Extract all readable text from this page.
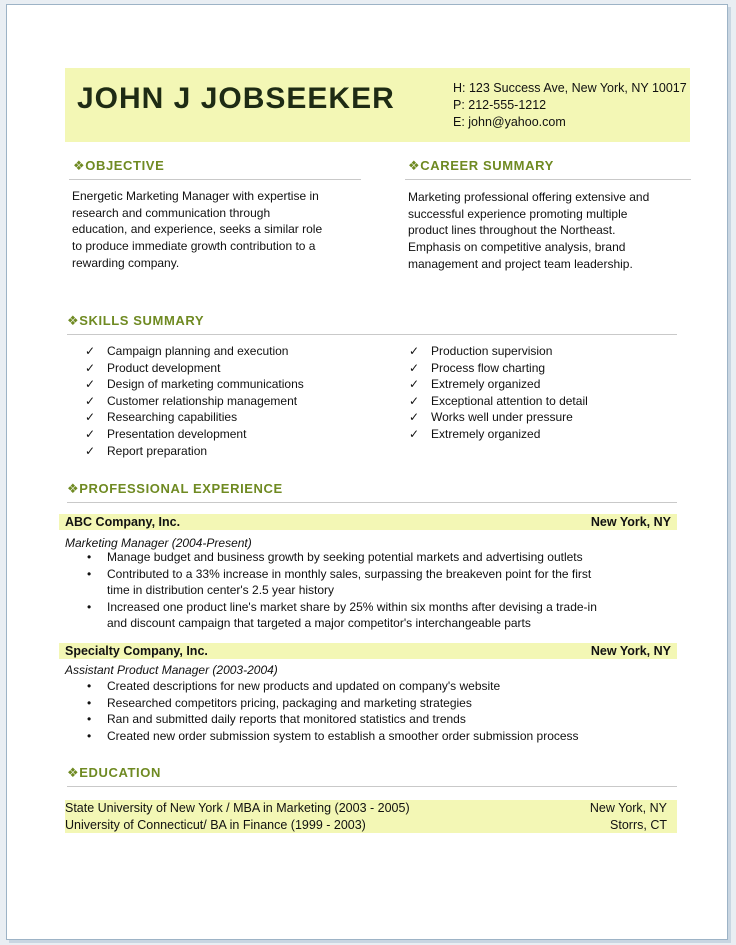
JOHN J JOBSEEKER	H: 123 Success Ave, New York, NY 10017
P: 212-555-1212
E: john@yahoo.com
❖OBJECTIVE
Energetic Marketing Manager with expertise in
research and communication through
education, and experience, seeks a similar role
to produce immediate growth contribution to a
rewarding company.
❖CAREER SUMMARY
Marketing professional offering extensive and
successful experience promoting multiple
product lines throughout the Northeast.
Emphasis on competitive analysis, brand
management and project team leadership.
❖SKILLS SUMMARY
✓ Campaign planning and execution
✓ Product development
✓ Design of marketing communications
✓ Customer relationship management
✓ Researching capabilities
✓ Presentation development
✓ Report preparation
✓ Production supervision
✓ Process flow charting
✓ Extremely organized
✓ Exceptional attention to detail
✓ Works well under pressure
✓ Extremely organized
❖PROFESSIONAL EXPERIENCE
ABC Company, Inc.	New York, NY
Marketing Manager (2004-Present)
• Manage budget and business growth by seeking potential markets and advertising outlets
• Contributed to a 33% increase in monthly sales, surpassing the breakeven point for the first
time in distribution center's 2.5 year history
• Increased one product line's market share by 25% within six months after devising a trade-in
and discount campaign that targeted a major competitor's interchangeable parts
Specialty Company, Inc.	New York, NY
Assistant Product Manager (2003-2004)
• Created descriptions for new products and updated on company's website
• Researched competitors pricing, packaging and marketing strategies
• Ran and submitted daily reports that monitored statistics and trends
• Created new order submission system to establish a smoother order submission process
❖EDUCATION
State University of New York / MBA in Marketing (2003 - 2005)	New York, NY
University of Connecticut/ BA in Finance (1999 - 2003)	Storrs, CT
